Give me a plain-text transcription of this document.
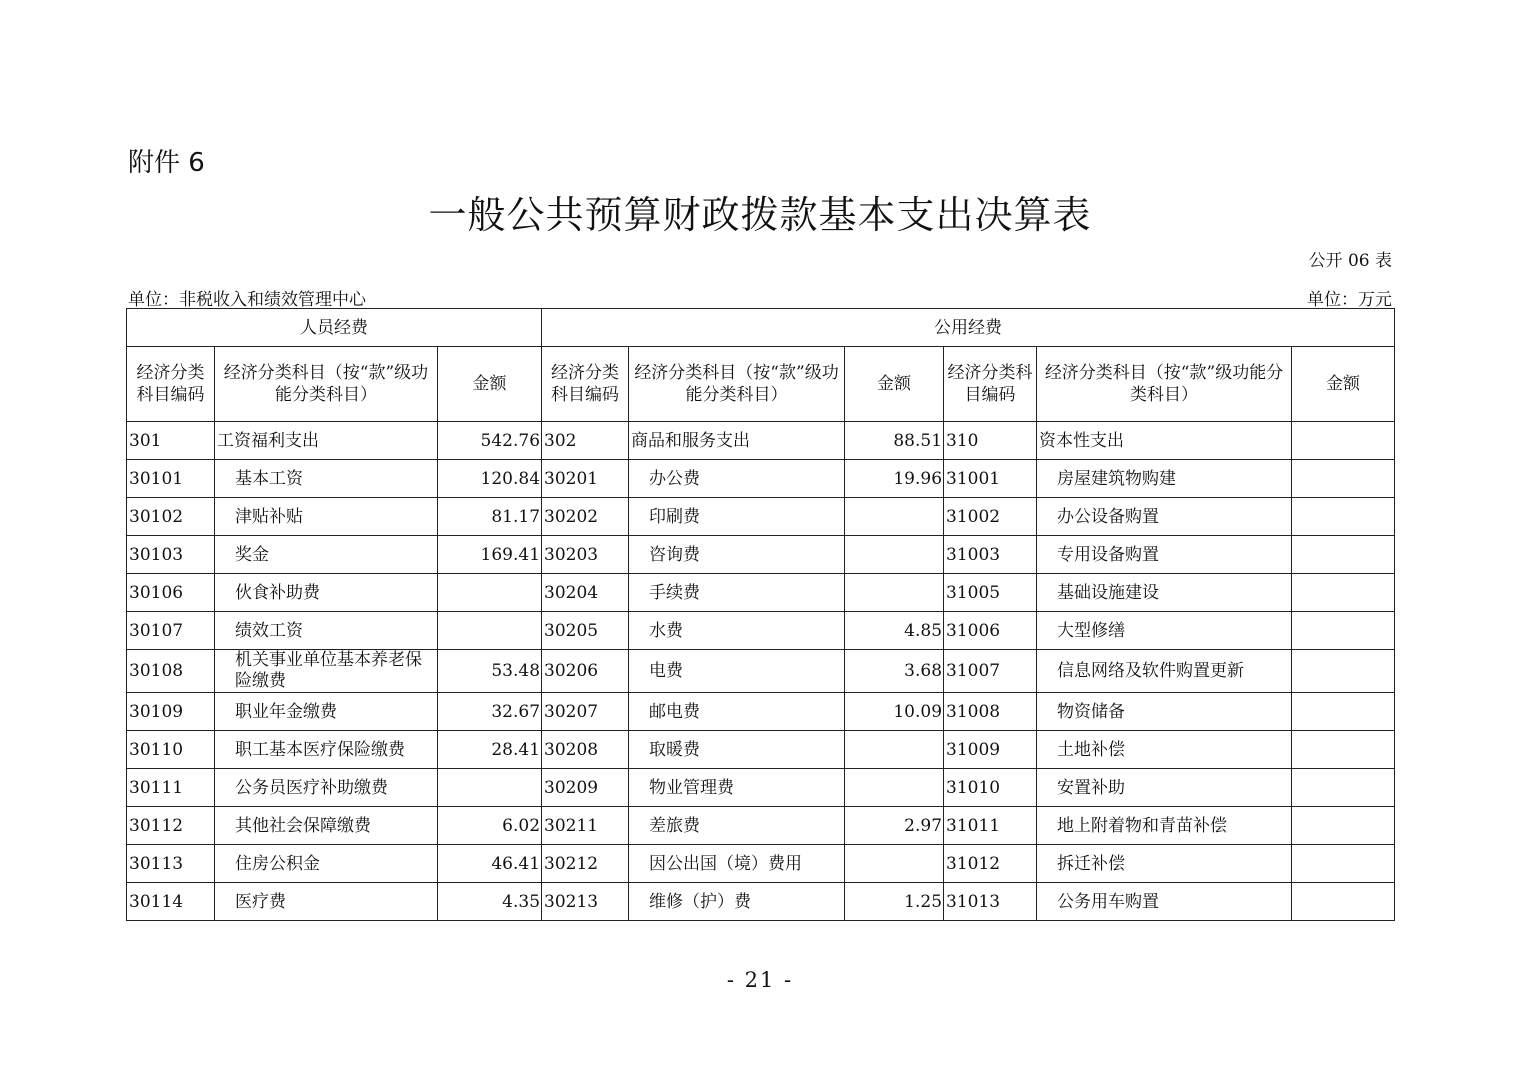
附件 6
一般公共预算财政拨款基本支出决算表
公开 06 表
单位：非税收入和绩效管理中心	单位：万元
人员经费			公用经费					
经济分类科目编码	经济分类科目（按“款”级功能分类科目）	金额	经济分类科目编码	经济分类科目（按“款”级功能分类科目）	金额	经济分类科目编码	经济分类科目（按“款”级功能分类科目）	金额
301	工资福利支出	542.76	302	商品和服务支出	88.51	310	资本性支出	
30101	基本工资	120.84	30201	办公费	19.96	31001	房屋建筑物购建	
30102	津贴补贴	81.17	30202	印刷费		31002	办公设备购置	
30103	奖金	169.41	30203	咨询费		31003	专用设备购置	
30106	伙食补助费		30204	手续费		31005	基础设施建设	
30107	绩效工资		30205	水费	4.85	31006	大型修缮	
30108	机关事业单位基本养老保险缴费	53.48	30206	电费	3.68	31007	信息网络及软件购置更新	
30109	职业年金缴费	32.67	30207	邮电费	10.09	31008	物资储备	
30110	职工基本医疗保险缴费	28.41	30208	取暖费		31009	土地补偿	
30111	公务员医疗补助缴费		30209	物业管理费		31010	安置补助	
30112	其他社会保障缴费	6.02	30211	差旅费	2.97	31011	地上附着物和青苗补偿	
30113	住房公积金	46.41	30212	因公出国（境）费用		31012	拆迁补偿	
30114	医疗费	4.35	30213	维修（护）费	1.25	31013	公务用车购置	
- 21 -
